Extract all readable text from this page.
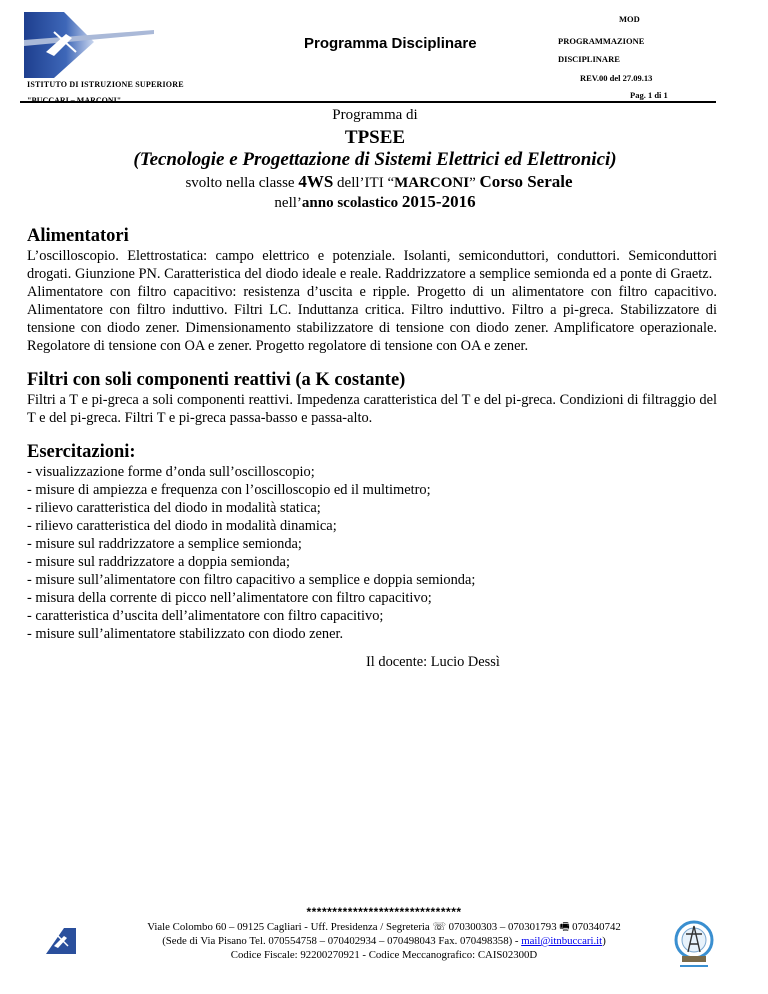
ISTITUTO DI ISTRUZIONE SUPERIORE
Programma Disciplinare
MOD
PROGRAMMAZIONE
DISCIPLINARE
REV.00 del 27.09.13
Pag. 1 di 1
Programma di
TPSEE
(Tecnologie e Progettazione di Sistemi Elettrici ed Elettronici)
svolto nella classe 4WS dell’ITI “MARCONI” Corso Serale
nell’anno scolastico 2015-2016
Alimentatori

L’oscilloscopio. Elettrostatica: campo elettrico e potenziale. Isolanti, semiconduttori, conduttori. Semiconduttori drogati. Giunzione PN. Caratteristica del diodo ideale e reale. Raddrizzatore a semplice semionda ed a ponte di Graetz.

Alimentatore con filtro capacitivo: resistenza d’uscita e ripple. Progetto di un alimentatore con filtro capacitivo. Alimentatore con filtro induttivo. Filtri LC. Induttanza critica. Filtro induttivo. Filtro a pi-greca. Stabilizzatore di tensione con diodo zener. Dimensionamento stabilizzatore di tensione con diodo zener. Amplificatore operazionale. Regolatore di tensione con OA e zener. Progetto regolatore di tensione con OA e zener.

Filtri con soli componenti reattivi (a K costante)

Filtri a T e pi-greca a soli componenti reattivi. Impedenza caratteristica del T e del pi-greca. Condizioni di filtraggio del T e del pi-greca. Filtri T e pi-greca passa-basso e passa-alto.

Esercitazioni:

- visualizzazione forme d’onda sull’oscilloscopio;

- misure di ampiezza e frequenza con l’oscilloscopio ed il multimetro;

- rilievo caratteristica del diodo in modalità statica;

- rilievo caratteristica del diodo in modalità dinamica;

- misure sul raddrizzatore a semplice semionda;

- misure sul raddrizzatore a doppia semionda;

- misure sull’alimentatore con filtro capacitivo a semplice e doppia semionda;

- misura della corrente di picco nell’alimentatore con filtro capacitivo;

- caratteristica d’uscita dell’alimentatore con filtro capacitivo;

- misure sull’alimentatore stabilizzato con diodo zener.

Il docente: Lucio Dessì
******************************
Viale Colombo 60 – 09125 Cagliari - Uff. Presidenza / Segreteria ☏ 070300303 – 070301793 🖷 070340742
(Sede di Via Pisano Tel. 070554758 – 070402934 – 070498043 Fax. 070498358) - mail@itnbuccari.it)
Codice Fiscale: 92200270921 - Codice Meccanografico: CAIS02300D
